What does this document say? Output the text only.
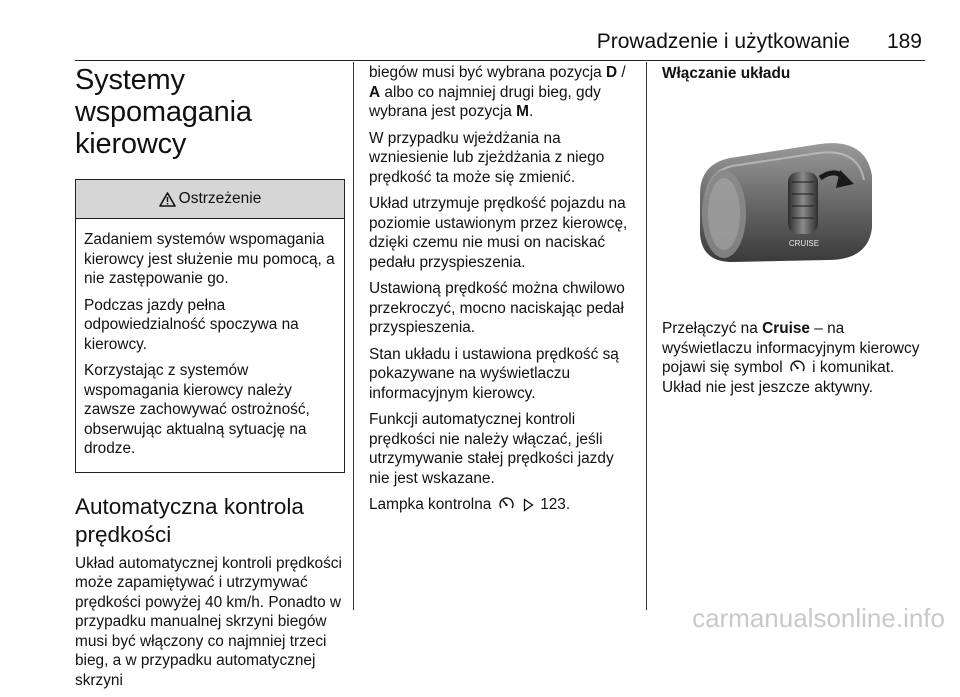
Prowadzenie i użytkowanie 189
Systemy wspomagania
kierowcy
Ostrzeżenie

Zadaniem systemów wspomagania kierowcy jest służenie mu pomocą, a nie zastępowanie go.

Podczas jazdy pełna odpowiedzialność spoczywa na kierowcy.

Korzystając z systemów wspomagania kierowcy należy zawsze zachowywać ostrożność, obserwując aktualną sytuację na drodze.

Automatyczna kontrola
prędkości

Układ automatycznej kontroli prędkości może zapamiętywać i utrzymywać prędkości powyżej 40 km/h. Ponadto w przypadku manualnej skrzyni biegów musi być włączony co najmniej trzeci bieg, a w przypadku automatycznej skrzyni

biegów musi być wybrana pozycja D /
A albo co najmniej drugi bieg, gdy wybrana jest pozycja M.

W przypadku wjeżdżania na wzniesienie lub zjeżdżania z niego prędkość ta może się zmienić.

Układ utrzymuje prędkość pojazdu na poziomie ustawionym przez kierowcę, dzięki czemu nie musi on naciskać pedału przyspieszenia.

Ustawioną prędkość można chwilowo przekroczyć, mocno naciskając pedał przyspieszenia.

Stan układu i ustawiona prędkość są pokazywane na wyświetlaczu informacyjnym kierowcy.

Funkcji automatycznej kontroli prędkości nie należy włączać, jeśli utrzymywanie stałej prędkości jazdy nie jest wskazane.

Lampka kontrolna	123.

Włączanie układu

CRUISE

Przełączyć na Cruise – na wyświetlaczu informacyjnym kierowcy pojawi się symbol i komunikat. Układ nie jest jeszcze aktywny.

carmanualsonline.info
